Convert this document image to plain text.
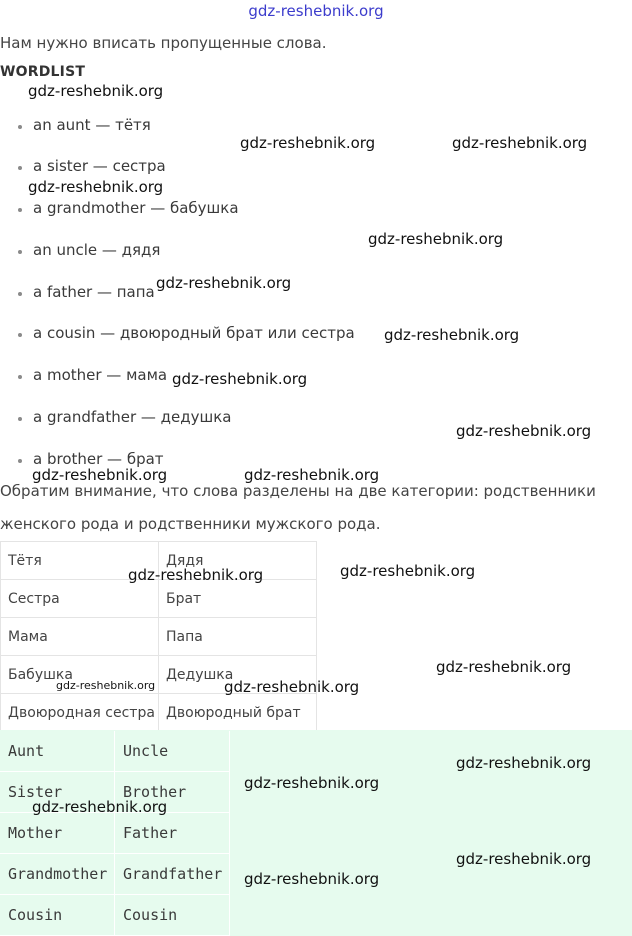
gdz-reshebnik.org
Нам нужно вписать пропущенные слова.
WORDLIST
an aunt — тётя
a sister — сестра
a grandmother — бабушка
an uncle — дядя
a father — папа
a cousin — двоюродный брат или сестра
a mother — мама
a grandfather — дедушка
a brother — брат
Обратим внимание, что слова разделены на две категории: родственники
женского рода и родственники мужского рода.
Тётя	Дядя
Сестра	Брат
Мама	Папа
Бабушка	Дедушка
Двоюродная сестра	Двоюродный брат
Aunt	Uncle
Sister	Brother
Mother	Father
Grandmother	Grandfather
Cousin	Cousin
gdz-reshebnik.org
gdz-reshebnik.org	gdz-reshebnik.org
gdz-reshebnik.org
gdz-reshebnik.org
gdz-reshebnik.org
gdz-reshebnik.org
gdz-reshebnik.org
gdz-reshebnik.org
gdz-reshebnik.org	gdz-reshebnik.org
gdz-reshebnik.org	gdz-reshebnik.org
gdz-reshebnik.org
gdz-reshebnik.org	gdz-reshebnik.org
gdz-reshebnik.org
gdz-reshebnik.org
gdz-reshebnik.org
gdz-reshebnik.org
gdz-reshebnik.org
